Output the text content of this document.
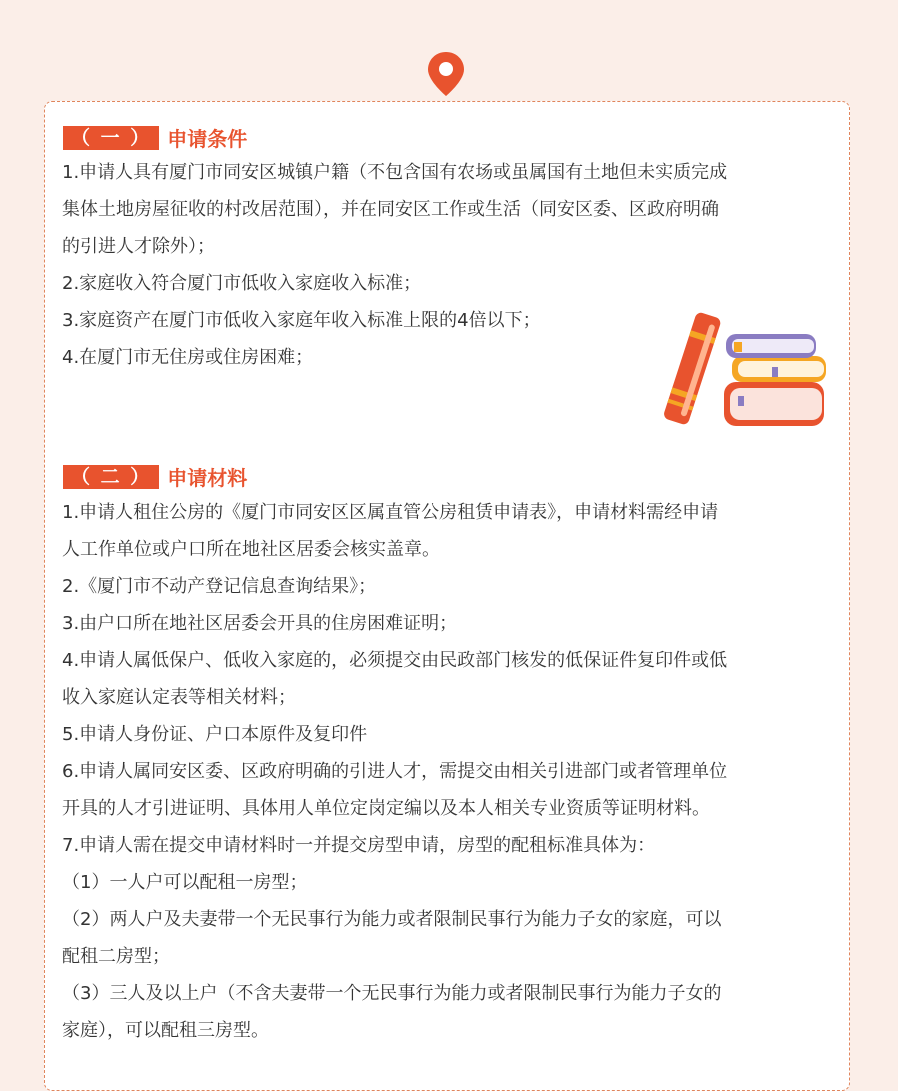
（ 一 ） 申请条件
1.申请人具有厦门市同安区城镇户籍（不包含国有农场或虽属国有土地但未实质完成
集体土地房屋征收的村改居范围），并在同安区工作或生活（同安区委、区政府明确
的引进人才除外）；
2.家庭收入符合厦门市低收入家庭收入标准；
3.家庭资产在厦门市低收入家庭年收入标准上限的4倍以下；
4.在厦门市无住房或住房困难；
（ 二 ） 申请材料
1.申请人租住公房的《厦门市同安区区属直管公房租赁申请表》，申请材料需经申请
人工作单位或户口所在地社区居委会核实盖章。
2.《厦门市不动产登记信息查询结果》；
3.由户口所在地社区居委会开具的住房困难证明；
4.申请人属低保户、低收入家庭的，必须提交由民政部门核发的低保证件复印件或低
收入家庭认定表等相关材料；
5.申请人身份证、户口本原件及复印件
6.申请人属同安区委、区政府明确的引进人才，需提交由相关引进部门或者管理单位
开具的人才引进证明、具体用人单位定岗定编以及本人相关专业资质等证明材料。
7.申请人需在提交申请材料时一并提交房型申请，房型的配租标准具体为：
（1）一人户可以配租一房型；
（2）两人户及夫妻带一个无民事行为能力或者限制民事行为能力子女的家庭，可以
配租二房型；
（3）三人及以上户（不含夫妻带一个无民事行为能力或者限制民事行为能力子女的
家庭），可以配租三房型。
